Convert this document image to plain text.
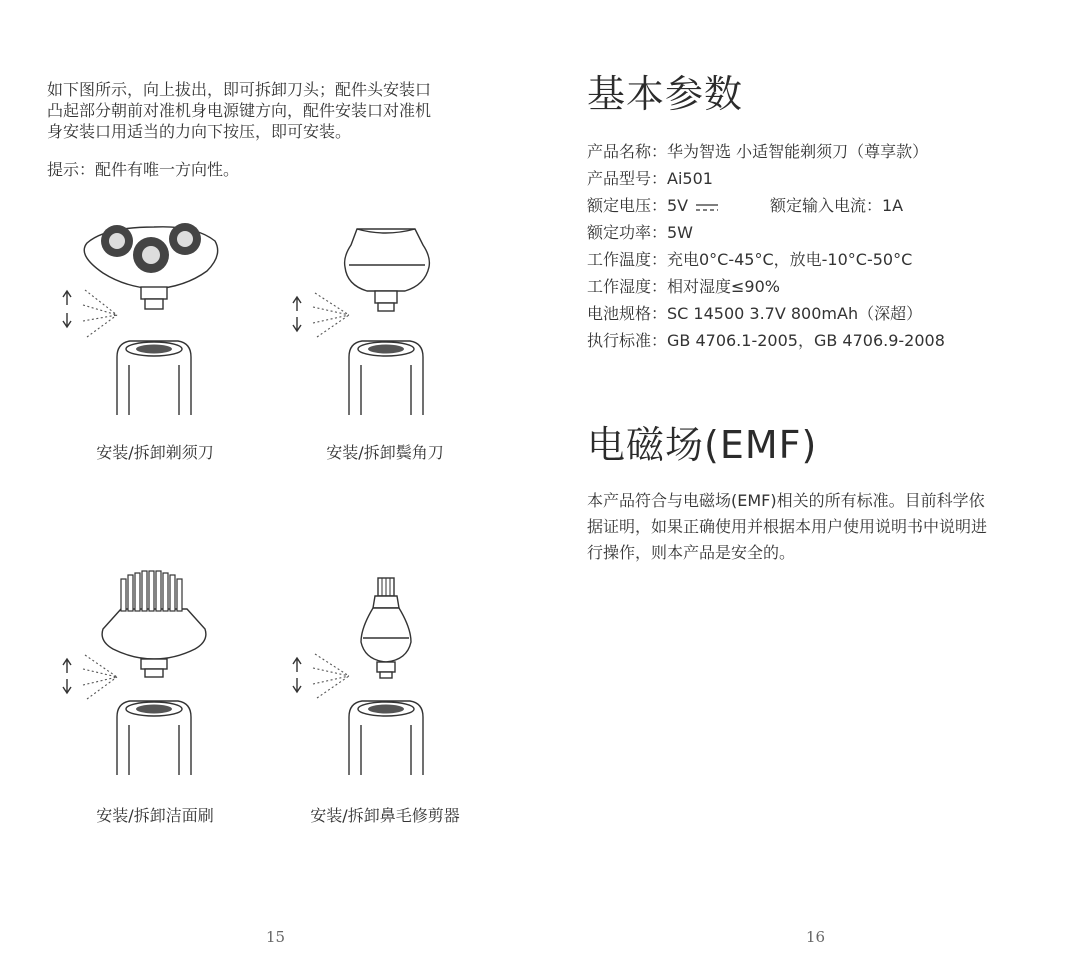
如下图所示，向上拔出，即可拆卸刀头；配件头安装口
凸起部分朝前对准机身电源键方向，配件安装口对准机
身安装口用适当的力向下按压，即可安装。
提示：配件有唯一方向性。
安装/拆卸剃须刀	安装/拆卸鬓角刀
安装/拆卸洁面刷	安装/拆卸鼻毛修剪器
15
基本参数
产品名称：华为智选 小适智能剃须刀（尊享款）
产品型号：Ai501
额定电压：5V	额定输入电流：1A
额定功率：5W
工作温度：充电0°C-45°C，放电-10°C-50°C
工作湿度：相对湿度≤90%
电池规格：SC 14500 3.7V 800mAh（深超）
执行标准：GB 4706.1-2005，GB 4706.9-2008
电磁场(EMF)
本产品符合与电磁场(EMF)相关的所有标准。目前科学依
据证明，如果正确使用并根据本用户使用说明书中说明进
行操作，则本产品是安全的。
16
